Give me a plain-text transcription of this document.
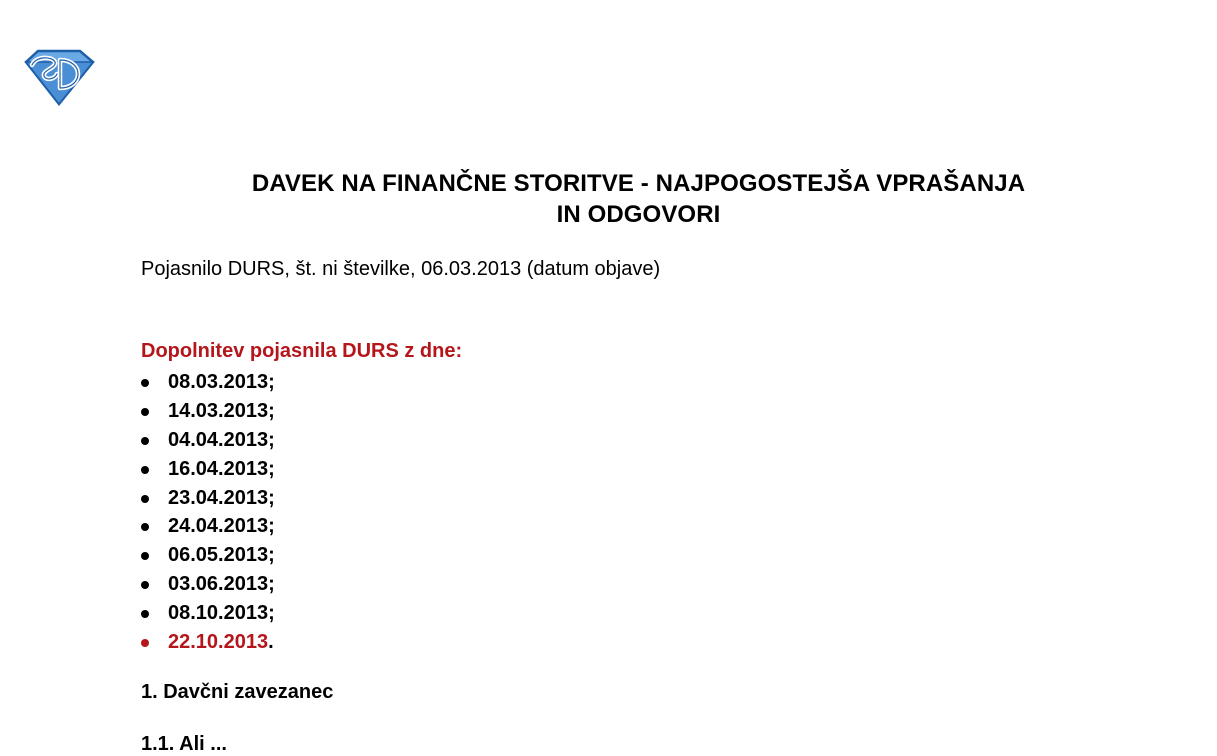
DAVEK NA FINANČNE STORITVE - NAJPOGOSTEJŠA VPRAŠANJA
IN ODGOVORI

Pojasnilo DURS, št. ni številke, 06.03.2013 (datum objave)

Dopolnitev pojasnila DURS z dne:

08.03.2013;
14.03.2013;
04.04.2013;
16.04.2013;
23.04.2013;
24.04.2013;
06.05.2013;
03.06.2013;
08.10.2013;
22.10.2013.

1. Davčni zavezanec

1.1. Ali ...
